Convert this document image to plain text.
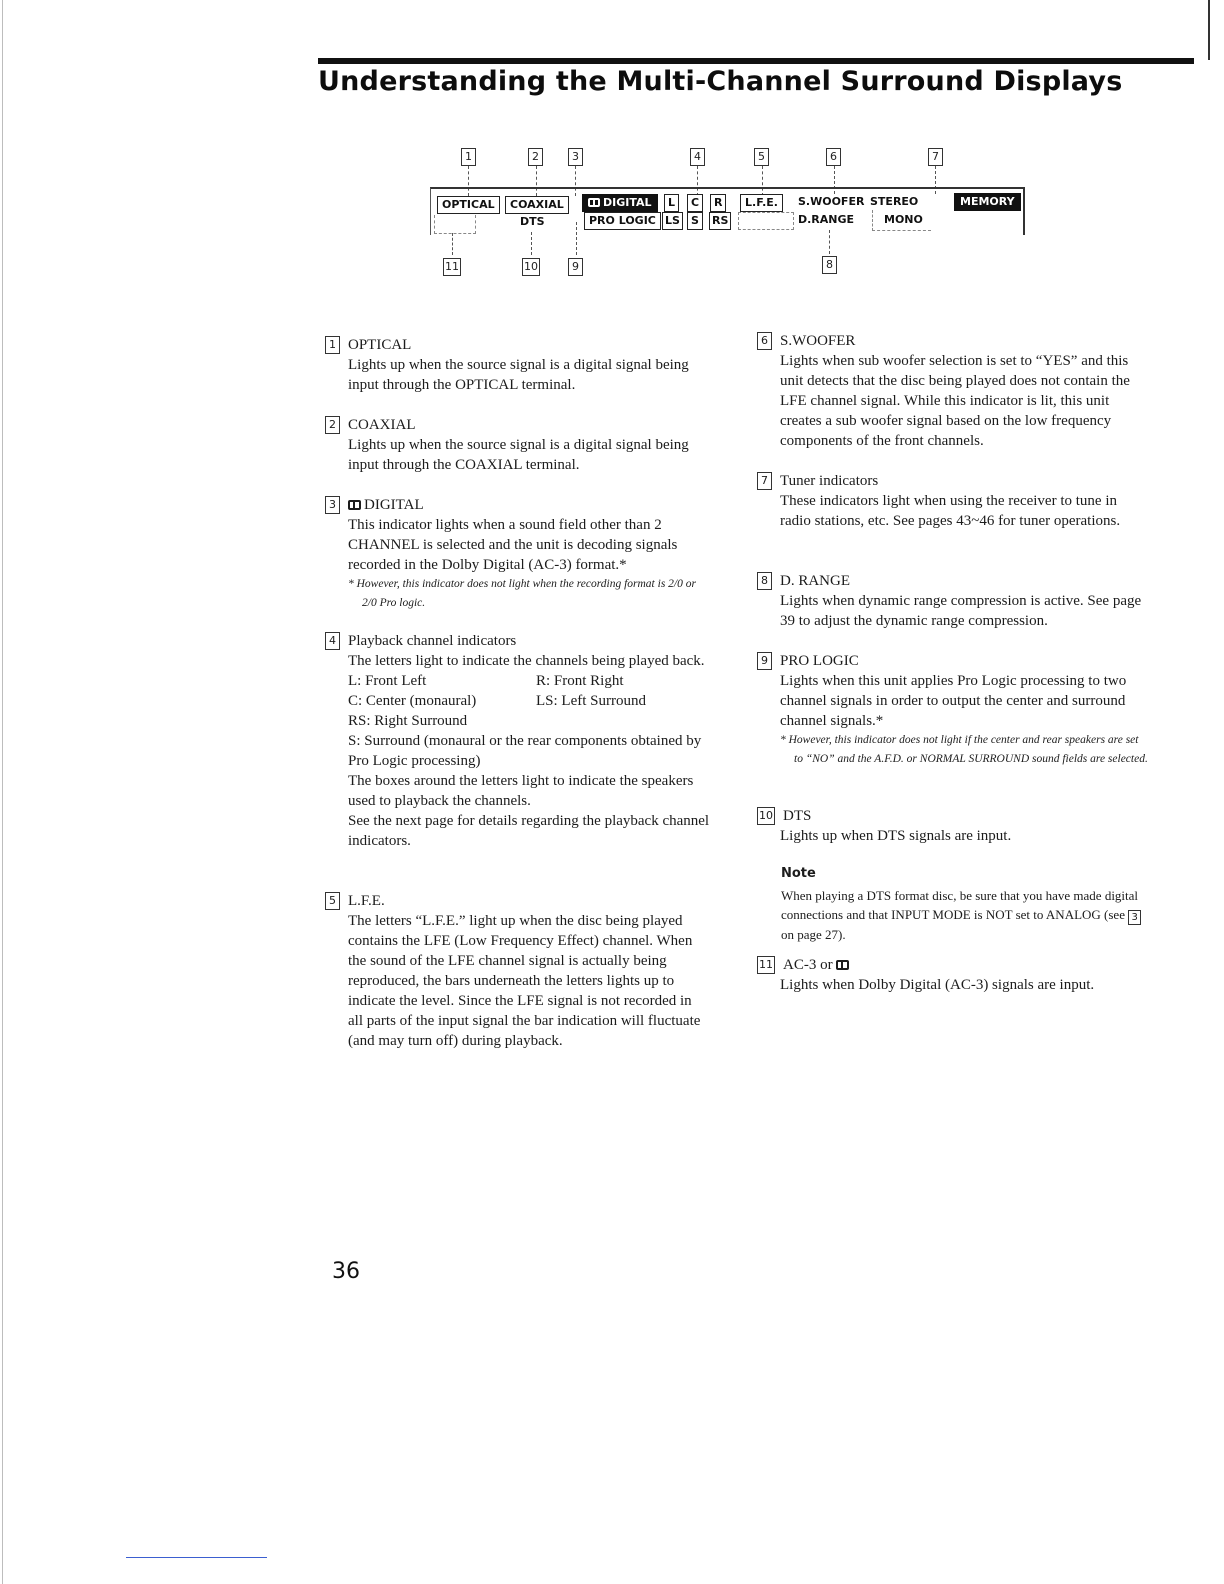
Understanding the Multi-Channel Surround Displays
1	2	3	4	5	6	7
OPTICAL	COAXIAL	DIGITAL	L	C	R	L.F.E.	S.WOOFER STEREO	MEMORY
DTS	PRO LOGIC LS	S	RS	D.RANGE	MONO
11	10	9	8
1 OPTICAL

Lights up when the source signal is a digital signal being input through the OPTICAL terminal.

2 COAXIAL

Lights up when the source signal is a digital signal being input through the COAXIAL terminal.

3 DIGITAL

This indicator lights when a sound field other than 2 CHANNEL is selected and the unit is decoding signals recorded in the Dolby Digital (AC-3) format.*

* However, this indicator does not light when the recording format is 2/0 or 2/0 Pro logic.

4 Playback channel indicators

The letters light to indicate the channels being played back.

L: Front Left	R: Front Right
C: Center (monaural)	LS: Left Surround

RS: Right Surround

S: Surround (monaural or the rear components obtained by Pro Logic processing)

The boxes around the letters light to indicate the speakers used to playback the channels.

See the next page for details regarding the playback channel indicators.

5 L.F.E.

The letters “L.F.E.” light up when the disc being played contains the LFE (Low Frequency Effect) channel. When the sound of the LFE channel signal is actually being reproduced, the bars underneath the letters lights up to indicate the level. Since the LFE signal is not recorded in all parts of the input signal the bar indication will fluctuate (and may turn off) during playback.

6 S.WOOFER

Lights when sub woofer selection is set to “YES” and this unit detects that the disc being played does not contain the LFE channel signal. While this indicator is lit, this unit creates a sub woofer signal based on the low frequency components of the front channels.

7 Tuner indicators

These indicators light when using the receiver to tune in radio stations, etc. See pages 43~46 for tuner operations.

8 D. RANGE

Lights when dynamic range compression is active. See page 39 to adjust the dynamic range compression.

9 PRO LOGIC

Lights when this unit applies Pro Logic processing to two channel signals in order to output the center and surround channel signals.*

* However, this indicator does not light if the center and rear speakers are set to “NO” and the A.F.D. or NORMAL SURROUND sound fields are selected.

10 DTS

Lights up when DTS signals are input.

Note
When playing a DTS format disc, be sure that you have made digital connections and that INPUT MODE is NOT set to ANALOG (see 3 on page 27).
11 AC-3 or

Lights when Dolby Digital (AC-3) signals are input.

36
